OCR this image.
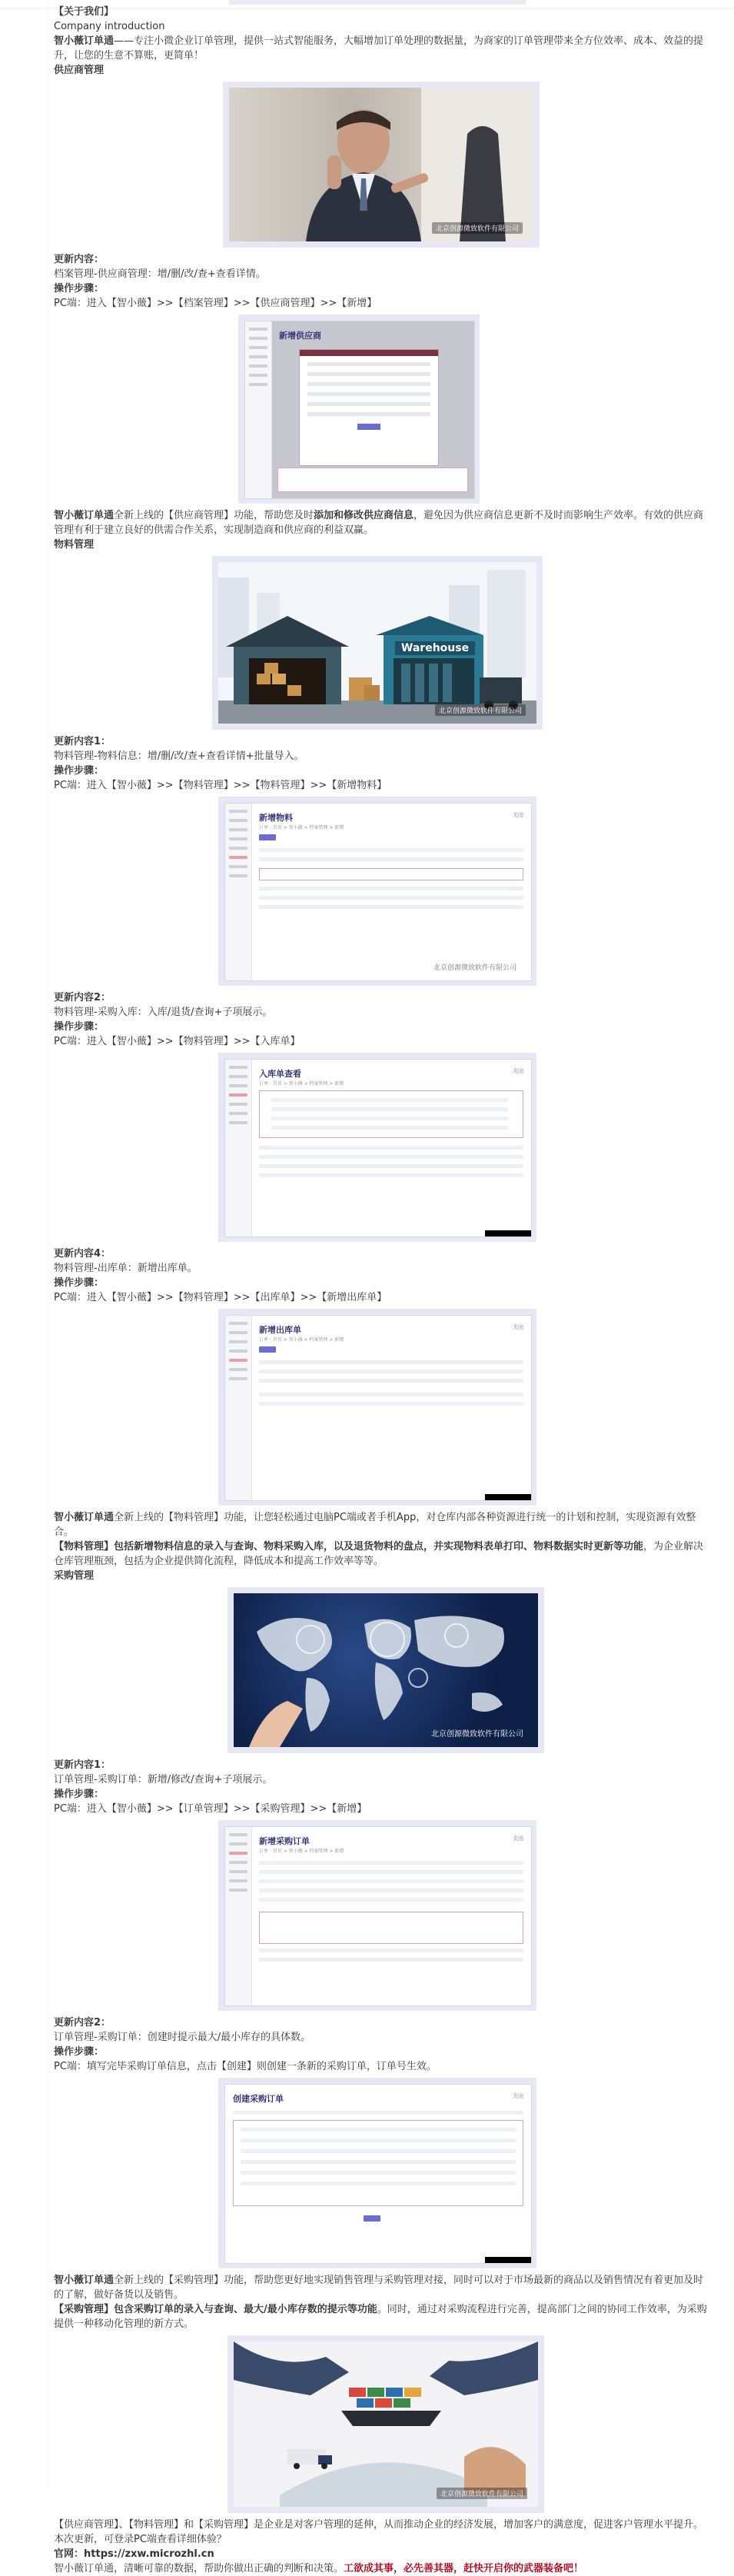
【关于我们】

Company introduction

智小薇订单通——专注小微企业订单管理，提供一站式智能服务，大幅增加订单处理的数据量，为商家的订单管理带来全方位效率、成本、效益的提升，让您的生意不算账，更简单！

供应商管理

北京创源微致软件有限公司

更新内容：

档案管理-供应商管理：增/删/改/查+查看详情。

操作步骤：

PC端：进入【智小薇】>>【档案管理】>>【供应商管理】>>【新增】

新增供应商

智小薇订单通全新上线的【供应商管理】功能，帮助您及时添加和修改供应商信息，避免因为供应商信息更新不及时而影响生产效率。有效的供应商管理有利于建立良好的供需合作关系，实现制造商和供应商的利益双赢。

物料管理

Warehouse
北京创源微致软件有限公司

更新内容1：

物料管理-物料信息：增/删/改/查+查看详情+批量导入。

操作步骤：

PC端：进入【智小薇】>>【物料管理】>>【物料管理】>>【新增物料】

新增物料
订单 · 首页 > 智小薇 > 档案管理 > 新增
关闭
北京创源微致软件有限公司

更新内容2：

物料管理-采购入库：入库/退货/查询+子项展示。

操作步骤：

PC端：进入【智小薇】>>【物料管理】>>【入库单】

入库单查看
订单 · 首页 > 智小薇 > 档案管理 > 新增
关闭

更新内容4：

物料管理-出库单：新增出库单。

操作步骤：

PC端：进入【智小薇】>>【物料管理】>>【出库单】>>【新增出库单】

新增出库单
订单 · 首页 > 智小薇 > 档案管理 > 新增
关闭

智小薇订单通全新上线的【物料管理】功能，让您轻松通过电脑PC端或者手机App，对仓库内部各种资源进行统一的计划和控制，实现资源有效整合。

【物料管理】包括新增物料信息的录入与查询、物料采购入库，以及退货物料的盘点，并实现物料表单打印、物料数据实时更新等功能，为企业解决仓库管理瓶颈，包括为企业提供简化流程，降低成本和提高工作效率等等。

采购管理

北京创源微致软件有限公司

更新内容1：

订单管理-采购订单：新增/修改/查询+子项展示。

操作步骤：

PC端：进入【智小薇】>>【订单管理】>>【采购管理】>>【新增】

新增采购订单
订单 · 首页 > 智小薇 > 档案管理 > 新增
关闭

更新内容2：

订单管理-采购订单：创建时提示最大/最小库存的具体数。

操作步骤：

PC端：填写完毕采购订单信息，点击【创建】则创建一条新的采购订单，订单号生效。

创建采购订单	关闭

智小薇订单通全新上线的【采购管理】功能，帮助您更好地实现销售管理与采购管理对接，同时可以对于市场最新的商品以及销售情况有着更加及时的了解，做好备货以及销售。

【采购管理】包含采购订单的录入与查询、最大/最小库存数的提示等功能。同时，通过对采购流程进行完善，提高部门之间的协同工作效率，为采购提供一种移动化管理的新方式。

北京创源微致软件有限公司

【供应商管理】、【物料管理】和【采购管理】是企业是对客户管理的延伸，从而推动企业的经济发展，增加客户的满意度，促进客户管理水平提升。本次更新，可登录PC端查看详细体验？

官网：https://zxw.microzhl.cn

智小薇订单通，清晰可靠的数据，帮助你做出正确的判断和决策。工欲成其事，必先善其器，赶快开启你的武器装备吧！
